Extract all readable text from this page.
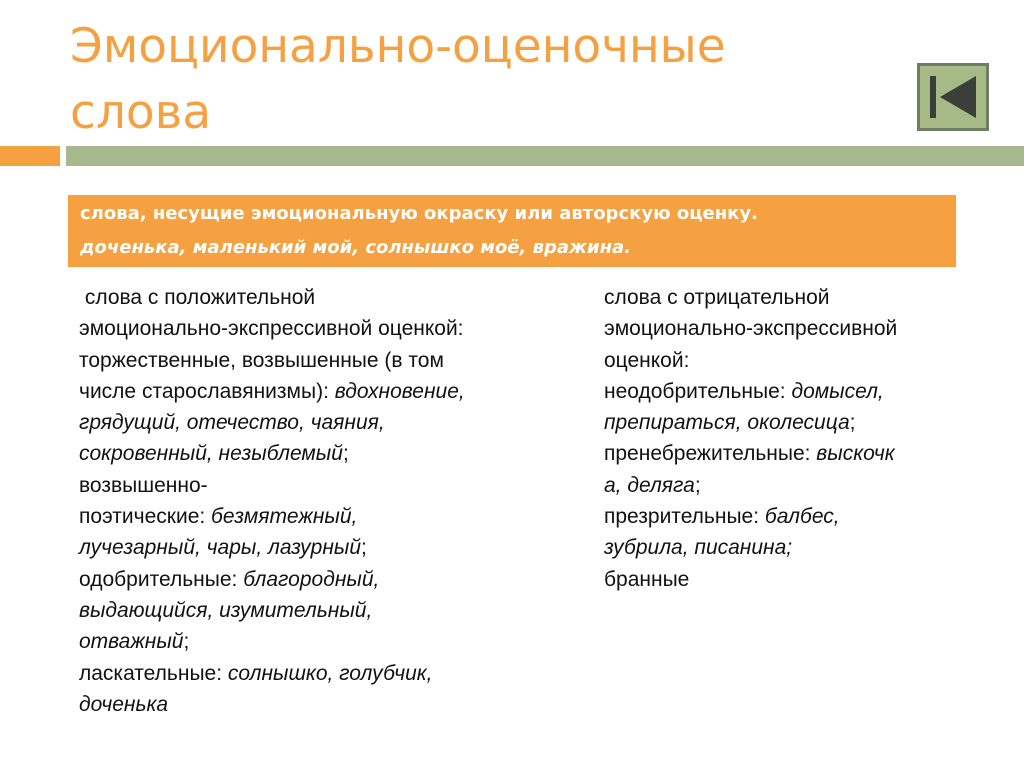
Эмоционально-оценочные
слова
слова, несущие эмоциональную окраску или авторскую оценку.
доченька, маленький мой, солнышко моё, вражина.

слова с положительной

эмоционально-экспрессивной оценкой:

торжественные, возвышенные (в том

числе старославянизмы): вдохновение,

грядущий, отечество, чаяния,

сокровенный, незыблемый;

возвышенно-

поэтические: безмятежный,

лучезарный, чары, лазурный;

одобрительные: благородный,

выдающийся, изумительный,

отважный;

ласкательные: солнышко, голубчик,

доченька

слова с отрицательной

эмоционально-экспрессивной

оценкой:

неодобрительные: домысел,

препираться, околесица;

пренебрежительные: выскочк

а, деляга;

презрительные: балбес,

зубрила, писанина;

бранные
